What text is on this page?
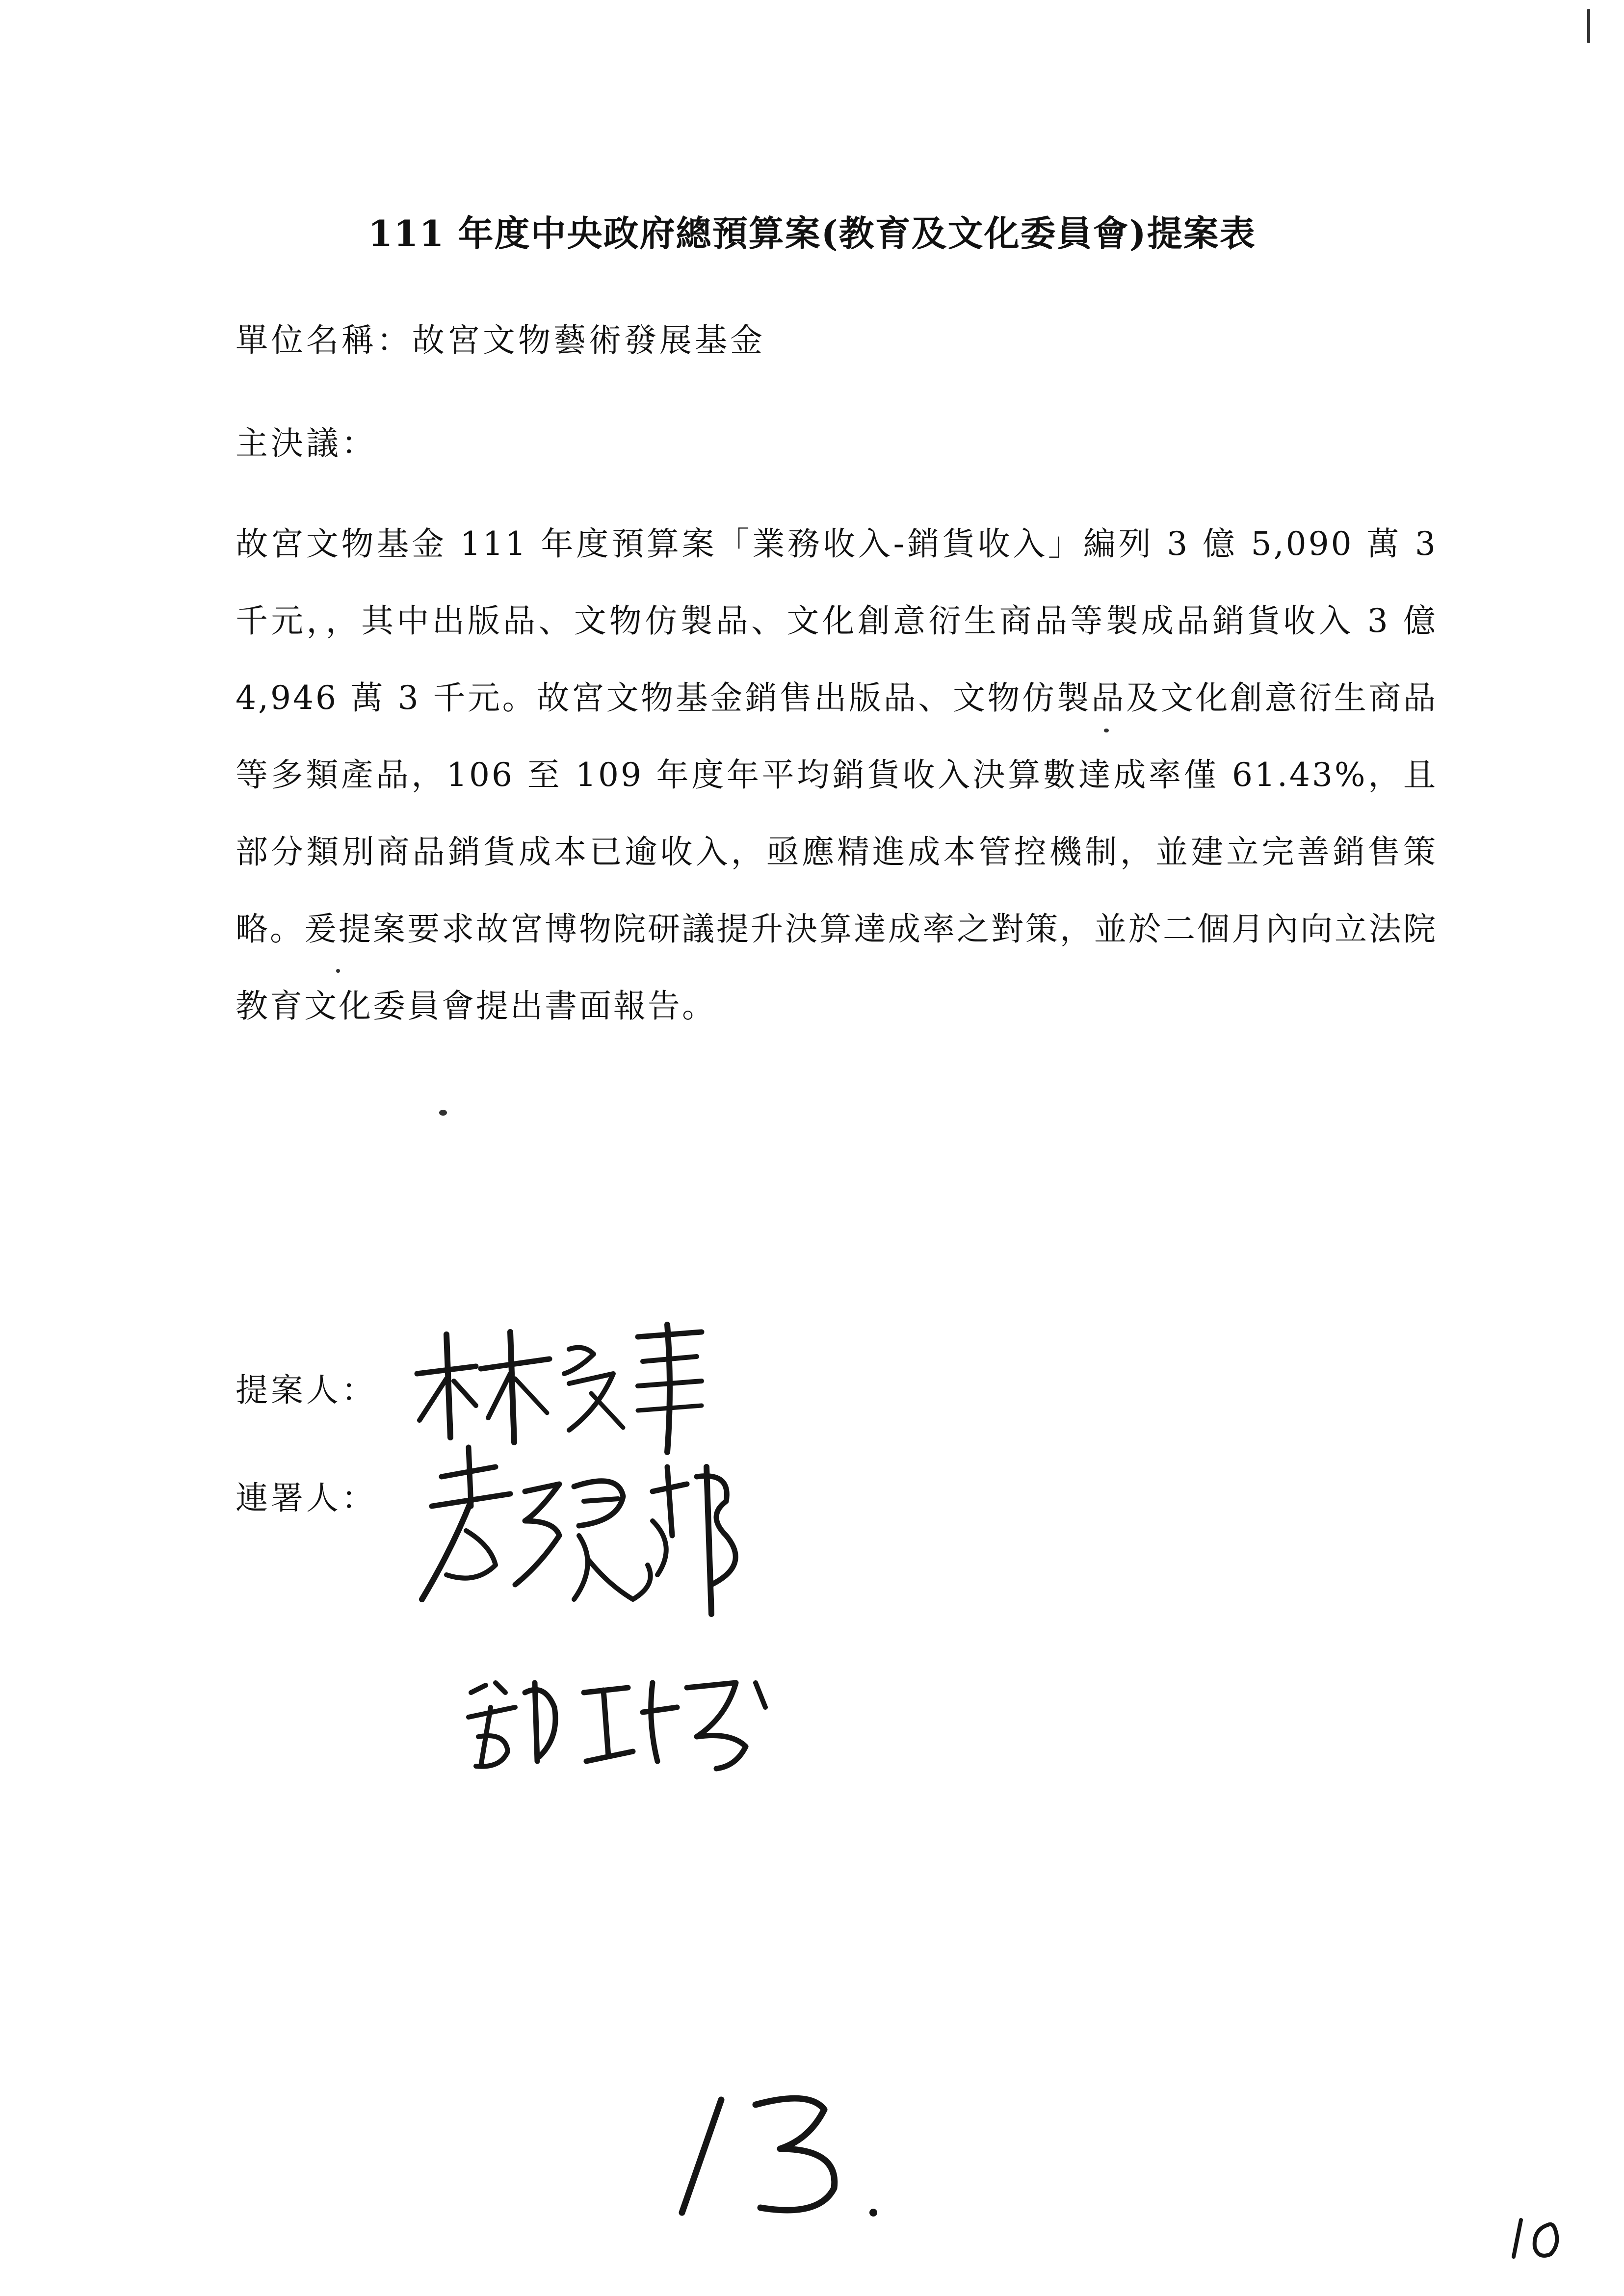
111 年度中央政府總預算案(教育及文化委員會)提案表
單位名稱：故宮文物藝術發展基金
主決議：
故宮文物基金 111 年度預算案「業務收入-銷貨收入」編列 3 億 5,090 萬 3 千元，，其中出版品、文物仿製品、文化創意衍生商品等製成品銷貨收入 3 億 4,946 萬 3 千元。故宮文物基金銷售出版品、文物仿製品及文化創意衍生商品等多類產品，106 至 109 年度年平均銷貨收入決算數達成率僅 61.43%，且部分類別商品銷貨成本已逾收入，亟應精進成本管控機制，並建立完善銷售策略。爰提案要求故宮博物院研議提升決算達成率之對策，並於二個月內向立法院教育文化委員會提出書面報告。
提案人：
連署人：
